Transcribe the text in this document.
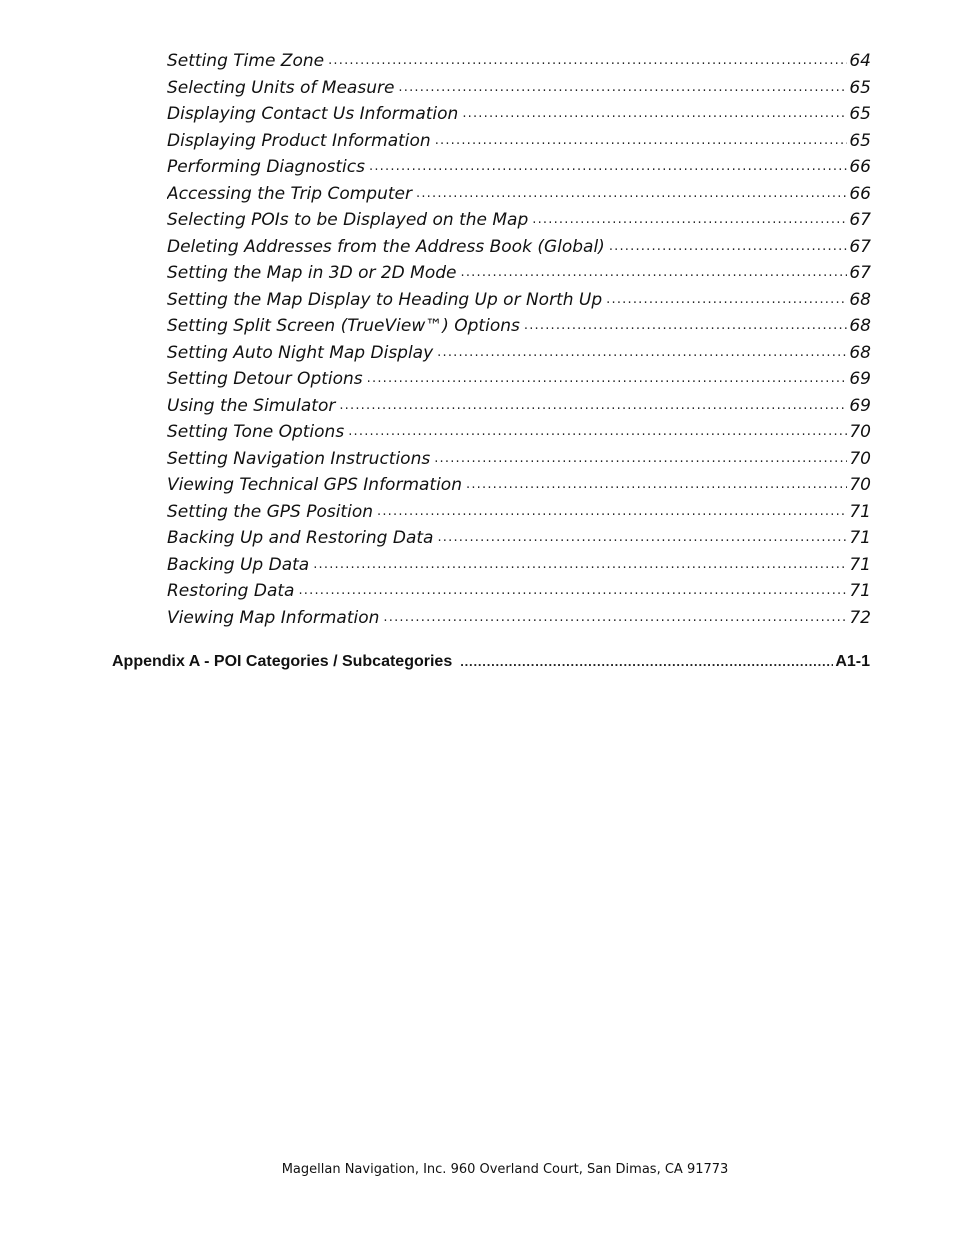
Setting Time Zone .....	64
Selecting Units of Measure .....	65
Displaying Contact Us Information .....	65
Displaying Product Information .....	65
Performing Diagnostics .....	66
Accessing the Trip Computer .....	66
Selecting POIs to be Displayed on the Map .....	67
Deleting Addresses from the Address Book (Global) .....	67
Setting the Map in 3D or 2D Mode .....	67
Setting the Map Display to Heading Up or North Up .....	68
Setting Split Screen (TrueView™) Options .....	68
Setting Auto Night Map Display .....	68
Setting Detour Options .....	69
Using the Simulator .....	69
Setting Tone Options .....	70
Setting Navigation Instructions .....	70
Viewing Technical GPS Information .....	70
Setting the GPS Position .....	71
Backing Up and Restoring Data .....	71
Backing Up Data .....	71
Restoring Data .....	71
Viewing Map Information .....	72
Appendix A - POI Categories / Subcategories .....	A1-1
Magellan Navigation, Inc. 960 Overland Court, San Dimas, CA 91773
